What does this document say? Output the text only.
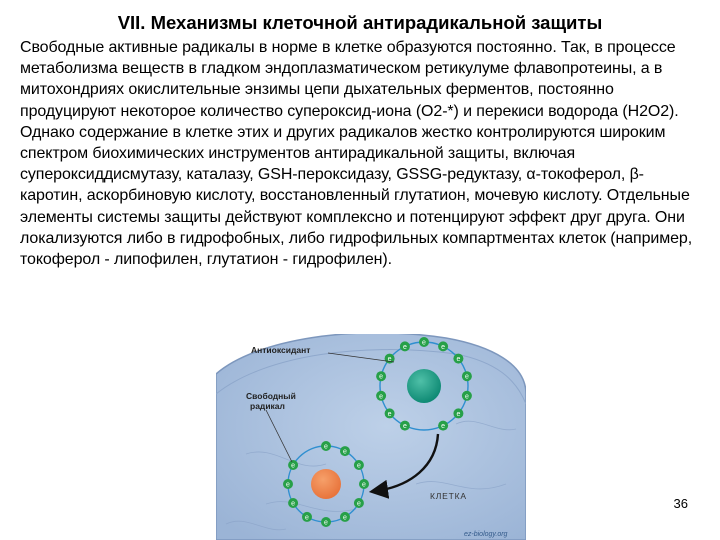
VII. Механизмы клеточной антирадикальной защиты
Свободные активные радикалы в норме в клетке образуются постоянно. Так, в процессе метаболизма веществ в гладком эндоплазматическом ретикулуме флавопротеины, а в митохондриях окислительные энзимы цепи дыхательных ферментов, постоянно продуцируют некоторое количество супероксид-иона (О2-*) и перекиси водорода (Н2О2). Однако содержание в клетке этих и других радикалов жестко контролируются широким спектром биохимических инструментов антирадикальной защиты, включая супероксиддисмутазу, каталазу, GSH-пероксидазу, GSSG-редуктазу, α-токоферол, β-каротин, аскорбиновую кислоту, восстановленный глутатион, мочевую кислоту. Отдельные элементы системы защиты действуют комплексно и потенцируют эффект друг друга. Они локализуются либо в гидрофобных, либо гидрофильных компартментах клеток (например, токоферол - липофилен, глутатион - гидрофилен).
e
e
e
e
e
e
e
e
e
e
e
e
e
e
e
e
e
e
e
e
e
e
e
e
Антиоксидант
Свободный
радикал
КЛЕТКА
ez-biology.org
36
